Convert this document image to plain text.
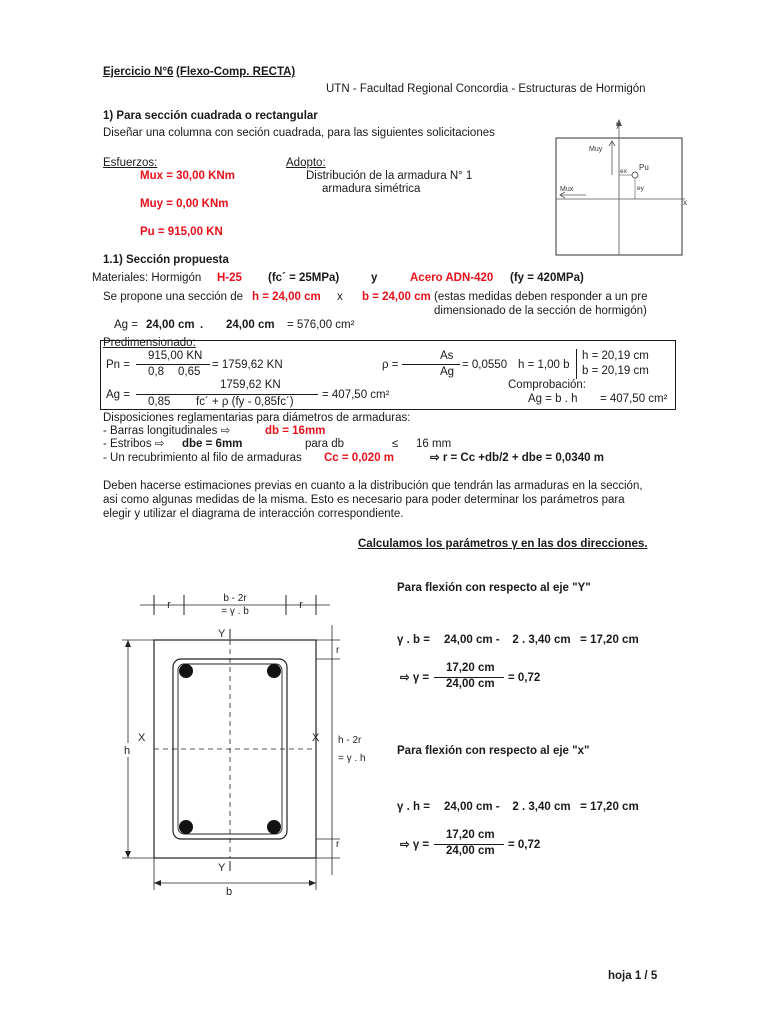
Ejercicio N°6 (Flexo-Comp. RECTA)
UTN - Facultad Regional Concordia - Estructuras de Hormigón
1) Para sección cuadrada o rectangular
Diseñar una columna con seción cuadrada, para las siguientes solicitaciones
Esfuerzos:	Adopto:
Mux = 30,00 KNm	Distribución de la armadura N° 1
armadura simétrica
Muy = 0,00 KNm
Pu = 915,00 KN
y
x
Muy
Mux
Pu
ex
ey
1.1) Sección propuesta
Materiales: Hormigón H-25 (fc´ = 25MPa)	y	Acero ADN-420 (fy = 420MPa)
Se propone una sección de h = 24,00 cm x b = 24,00 cm (estas medidas deben responder a un pre
dimensionado de la sección de hormigón)
Ag = 24,00 cm . 24,00 cm = 576,00 cm²
Predimensionado:
Pn =
915,00 KN
0,8 0,65
= 1759,62 KN	ρ =
As
Ag
= 0,0550 h = 1,00 b
h = 20,19 cm
b = 20,19 cm
Ag =
1759,62 KN
0,85 fc´ + ρ (fy - 0,85fc´)
= 407,50 cm²
Comprobación:
Ag = b . h = 407,50 cm²
Disposiciones reglamentarias para diámetros de armaduras:
- Barras longitudinales ⇨	db = 16mm
- Estribos ⇨ dbe = 6mm	para db	≤ 16 mm
- Un recubrimiento al filo de armaduras Cc = 0,020 m	⇨ r = Cc +db/2 + dbe = 0,0340 m
Deben hacerse estimaciones previas en cuanto a la distribución que tendrán las armaduras en la sección,
asi como algunas medidas de la misma. Esto es necesario para poder determinar los parámetros para
elegir y utilizar el diagrama de interacción correspondiente.
Calculamos los parámetros γ en las dos direcciones.
r	r
b - 2r
= γ . b
Y
X	X
h
r
r
h - 2r
= γ . h
Y
b
Para flexión con respecto al eje "Y"
γ . b = 24,00 cm -    2 . 3,40 cm   = 17,20 cm
⇨ γ =
17,20 cm
24,00 cm = 0,72
Para flexión con respecto al eje "x"
γ . h = 24,00 cm -    2 . 3,40 cm   = 17,20 cm
⇨ γ =
17,20 cm
24,00 cm = 0,72
hoja 1 / 5
